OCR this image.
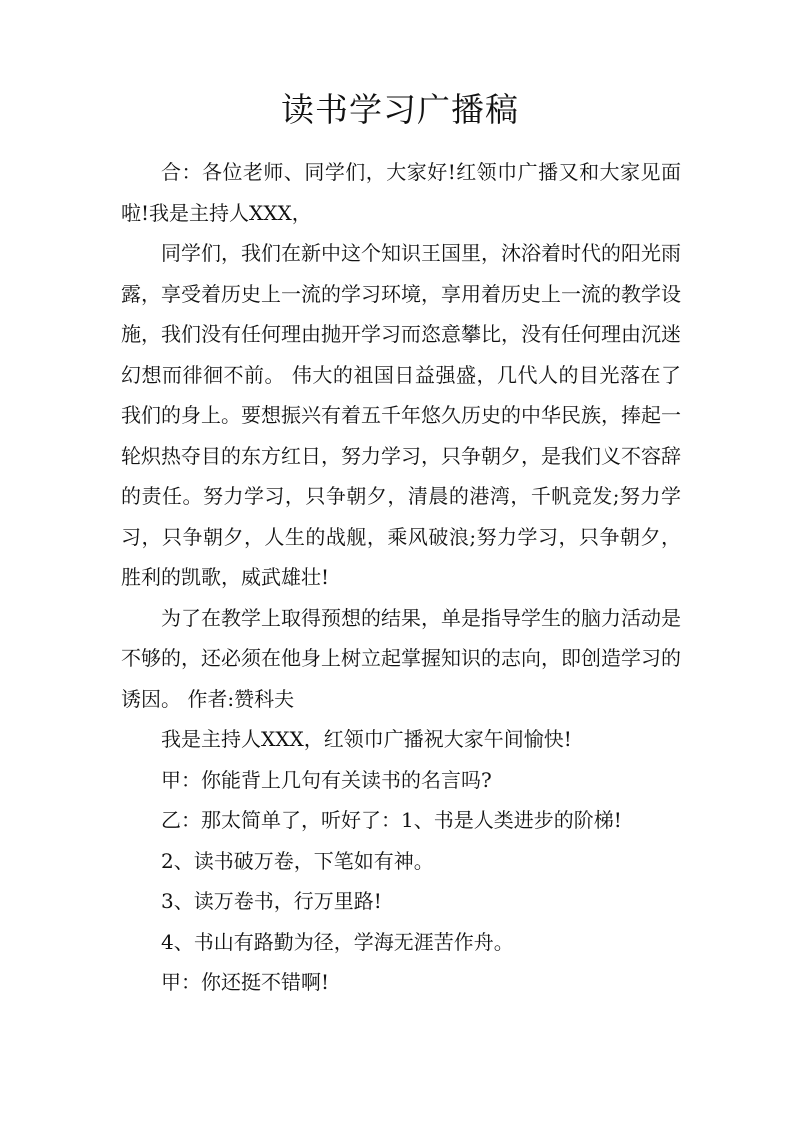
读书学习广播稿

合：各位老师、同学们，大家好!红领巾广播又和大家见面啦!我是主持人XXX，

同学们，我们在新中这个知识王国里，沐浴着时代的阳光雨露，享受着历史上一流的学习环境，享用着历史上一流的教学设施，我们没有任何理由抛开学习而恣意攀比，没有任何理由沉迷幻想而徘徊不前。 伟大的祖国日益强盛，几代人的目光落在了我们的身上。要想振兴有着五千年悠久历史的中华民族，捧起一轮炽热夺目的东方红日，努力学习，只争朝夕，是我们义不容辞的责任。努力学习，只争朝夕，清晨的港湾，千帆竞发;努力学习，只争朝夕，人生的战舰，乘风破浪;努力学习，只争朝夕，胜利的凯歌，威武雄壮!

为了在教学上取得预想的结果，单是指导学生的脑力活动是不够的，还必须在他身上树立起掌握知识的志向，即创造学习的诱因。 作者:赞科夫

我是主持人XXX，红领巾广播祝大家午间愉快!

甲：你能背上几句有关读书的名言吗?

乙：那太简单了，听好了：1、书是人类进步的阶梯!

2、读书破万卷，下笔如有神。

3、读万卷书，行万里路!

4、书山有路勤为径，学海无涯苦作舟。

甲：你还挺不错啊!
